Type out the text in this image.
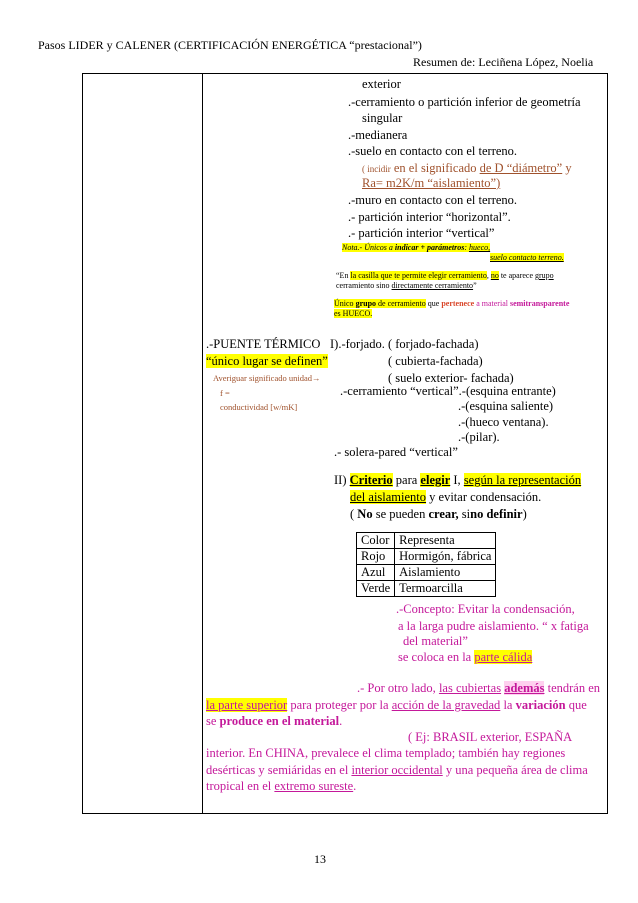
Pasos LIDER y CALENER (CERTIFICACIÓN ENERGÉTICA “prestacional”)
Resumen de: Leciñena López, Noelia
exterior
.-cerramiento o partición inferior de geometría
singular
.-medianera
.-suelo en contacto con el terreno.
( incidir en el significado de D “diámetro” y
Ra= m2K/m “aislamiento”)
.-muro en contacto con el terreno.
.- partición interior “horizontal”.
.- partición interior “vertical”
Nota.- Únicos a indicar + parámetros: hueco,
suelo contacto terreno.
“En la casilla que te permite elegir cerramiento, no te aparece grupo
cerramiento sino directamente cerramiento”
Único grupo de cerramiento que pertenece a material semitransparente
es HUECO.
.-PUENTE TÉRMICO
“único lugar se definen”
Averiguar significado unidad→
f =
conductividad [w/mK]
I).-forjado. ( forjado-fachada)
( cubierta-fachada)
( suelo exterior- fachada)
.-cerramiento “vertical”.-(esquina entrante)
.-(esquina saliente)
.-(hueco ventana).
.-(pilar).
.- solera-pared “vertical”
II) Criterio para elegir I, según la representación
del aislamiento y evitar condensación.
( No se pueden crear, sino definir)
Color	Representa
Rojo	Hormigón, fábrica
Azul	Aislamiento
Verde	Termoarcilla
.-Concepto: Evitar la condensación,
a la larga pudre aislamiento. “ x fatiga
del material”
se coloca en la parte cálida
.- Por otro lado, las cubiertas además tendrán en
la parte superior para proteger por la acción de la gravedad la variación que
se produce en el material.
( Ej: BRASIL exterior, ESPAÑA
interior. En CHINA, prevalece el clima templado; también hay regiones
desérticas y semiáridas en el interior occidental y una pequeña área de clima
tropical en el extremo sureste.
13
